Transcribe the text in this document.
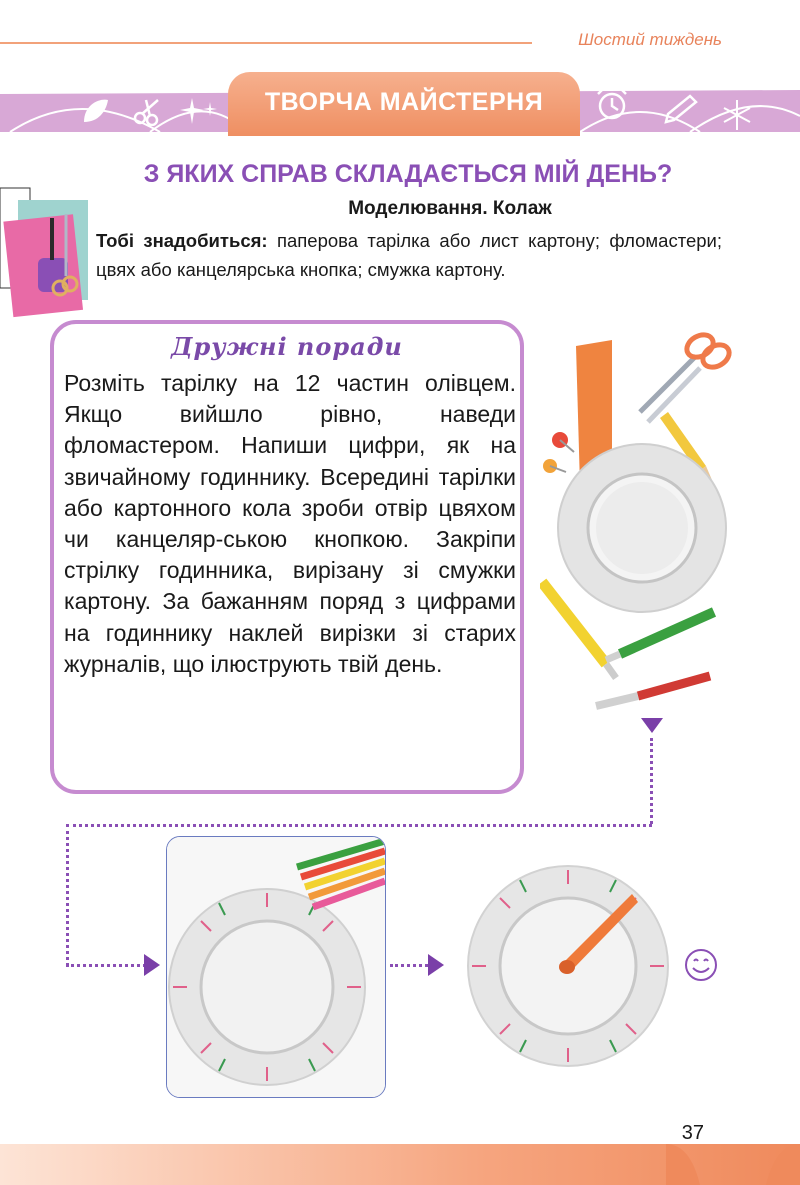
Шостий тиждень
ТВОРЧА МАЙСТЕРНЯ
З ЯКИХ СПРАВ СКЛАДАЄТЬСЯ МІЙ ДЕНЬ?
Моделювання. Колаж
Тобі знадобиться: паперова тарілка або лист картону; фломастери; цвях або канцелярська кнопка; смужка картону.
Дружні поради
Розміть тарілку на 12 частин олівцем. Якщо вийшло рівно, наведи фломастером. Напиши цифри, як на звичайному годиннику. Всередині тарілки або картонного кола зроби отвір цвяхом чи канцеляр-ською кнопкою. Закріпи стрілку годинника, вирізану зі смужки картону. За бажанням поряд з цифрами на годиннику наклей вирізки зі старих журналів, що ілюструють твій день.
37
